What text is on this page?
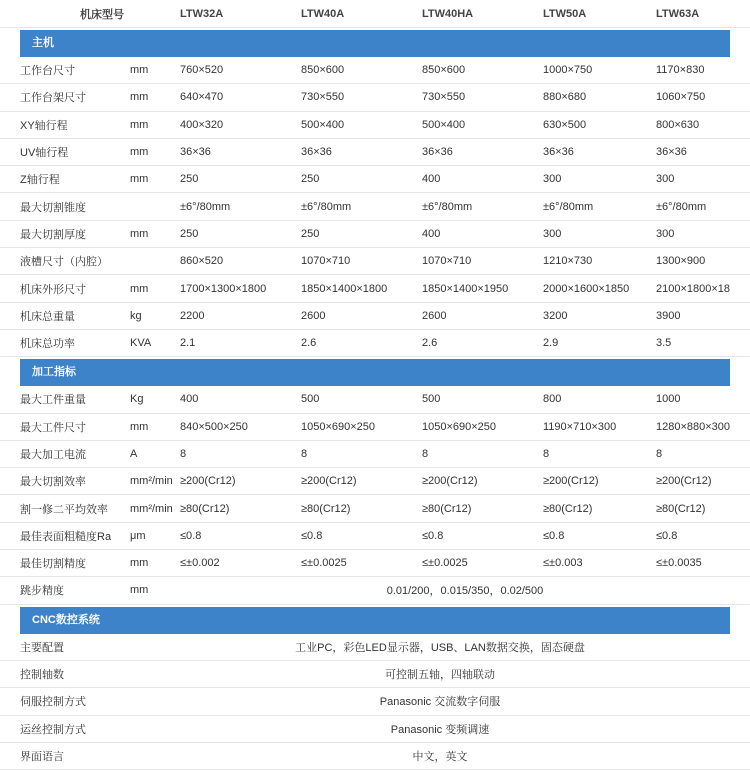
机床型号	LTW32A	LTW40A	LTW40HA	LTW50A	LTW63A
主机
工作台尺寸	mm	760×520	850×600	850×600	1000×750	1170×830
工作台架尺寸	mm	640×470	730×550	730×550	880×680	1060×750
XY轴行程	mm	400×320	500×400	500×400	630×500	800×630
UV轴行程	mm	36×36	36×36	36×36	36×36	36×36
Z轴行程	mm	250	250	400	300	300
最大切割锥度	±6°/80mm	±6°/80mm	±6°/80mm	±6°/80mm	±6°/80mm
最大切割厚度	mm	250	250	400	300	300
液槽尺寸（内腔）	860×520	1070×710	1070×710	1210×730	1300×900
机床外形尺寸	mm	1700×1300×1800	1850×1400×1800	1850×1400×1950	2000×1600×1850	2100×1800×18
机床总重量	kg	2200	2600	2600	3200	3900
机床总功率	KVA	2.1	2.6	2.6	2.9	3.5
加工指标
最大工件重量	Kg	400	500	500	800	1000
最大工件尺寸	mm	840×500×250	1050×690×250	1050×690×250	1190×710×300	1280×880×300
最大加工电流	A	8	8	8	8	8
最大切割效率	mm²/min ≥200(Cr12)	≥200(Cr12)	≥200(Cr12)	≥200(Cr12)	≥200(Cr12)
割一修二平均效率	mm²/min ≥80(Cr12)	≥80(Cr12)	≥80(Cr12)	≥80(Cr12)	≥80(Cr12)
最佳表面粗糙度Ra	μm	≤0.8	≤0.8	≤0.8	≤0.8	≤0.8
最佳切割精度	mm	≤±0.002	≤±0.0025	≤±0.0025	≤±0.003	≤±0.0035
跳步精度	mm	0.01/200，0.015/350，0.02/500
CNC数控系统
主要配置	工业PC，彩色LED显示器，USB、LAN数据交换，固态硬盘
控制轴数	可控制五轴，四轴联动
伺服控制方式	Panasonic 交流数字伺服
运丝控制方式	Panasonic 变频调速
界面语言	中文，英文
